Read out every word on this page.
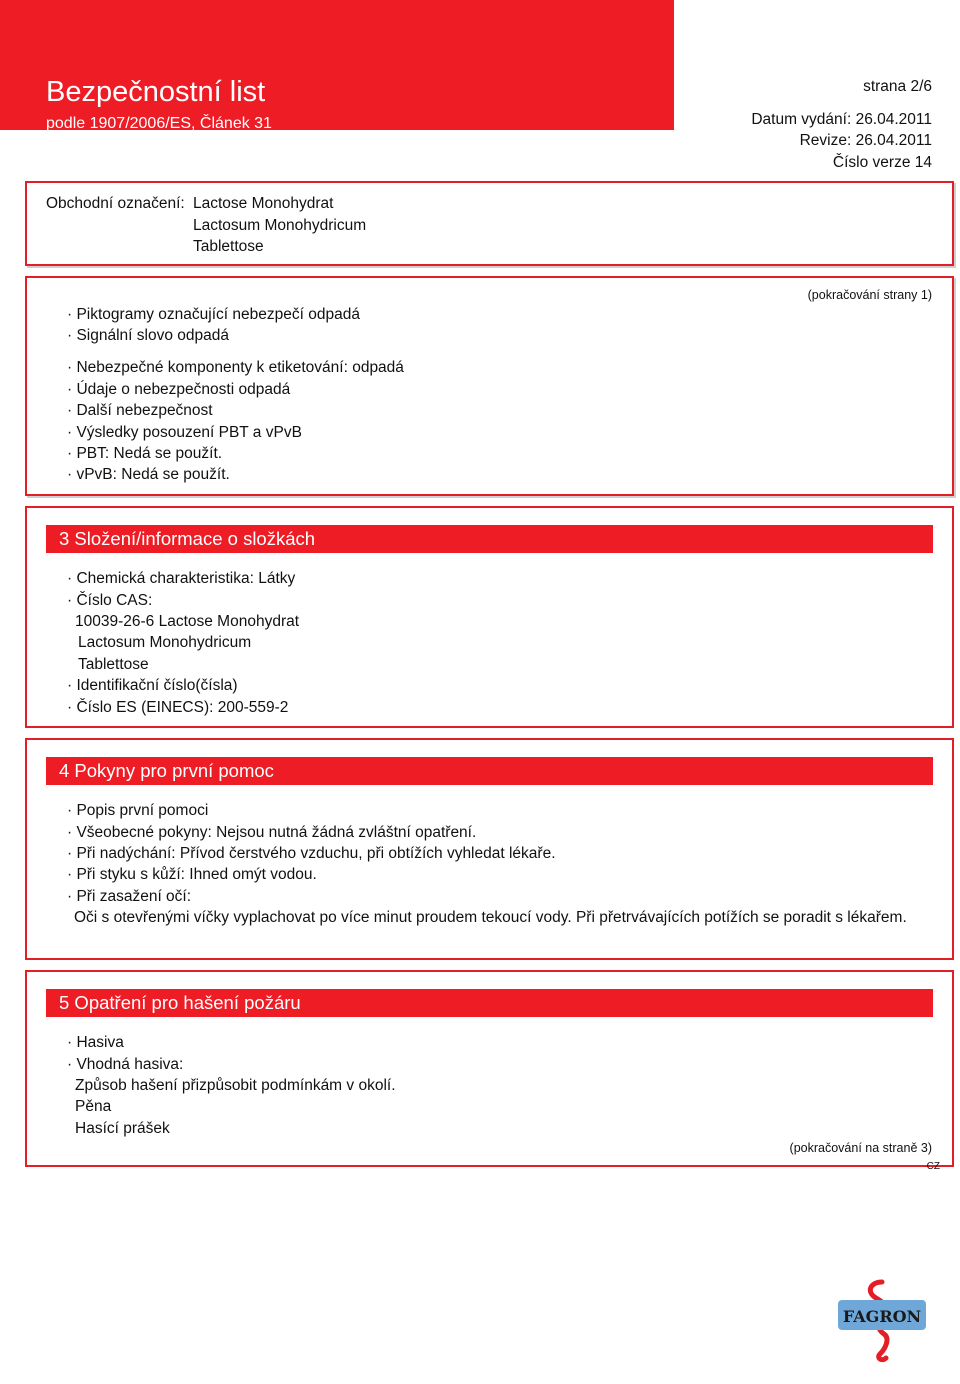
Bezpečnostní list
podle 1907/2006/ES, Článek 31
strana 2/6
Datum vydání: 26.04.2011
Revize: 26.04.2011
Číslo verze 14
Obchodní označení: Lactose Monohydrat
Lactosum Monohydricum
Tablettose
(pokračování strany 1)
· Piktogramy označující nebezpečí odpadá
· Signální slovo odpadá
· Nebezpečné komponenty k etiketování: odpadá
· Údaje o nebezpečnosti odpadá
· Další nebezpečnost
· Výsledky posouzení PBT a vPvB
· PBT: Nedá se použít.
· vPvB: Nedá se použít.
3 Složení/informace o složkách
· Chemická charakteristika: Látky
· Číslo CAS:
10039-26-6 Lactose Monohydrat
Lactosum Monohydricum
Tablettose
· Identifikační číslo(čísla)
· Číslo ES (EINECS): 200-559-2
4 Pokyny pro první pomoc
· Popis první pomoci
· Všeobecné pokyny: Nejsou nutná žádná zvláštní opatření.
· Při nadýchání: Přívod čerstvého vzduchu, při obtížích vyhledat lékaře.
· Při styku s kůží: Ihned omýt vodou.
· Při zasažení očí:
Oči s otevřenými víčky vyplachovat po více minut proudem tekoucí vody. Při přetrvávajících potížích se poradit s lékařem.
5 Opatření pro hašení požáru
· Hasiva
· Vhodná hasiva:
Způsob hašení přizpůsobit podmínkám v okolí.
Pěna
Hasící prášek
(pokračování na straně 3)
CZ
FAGRON
